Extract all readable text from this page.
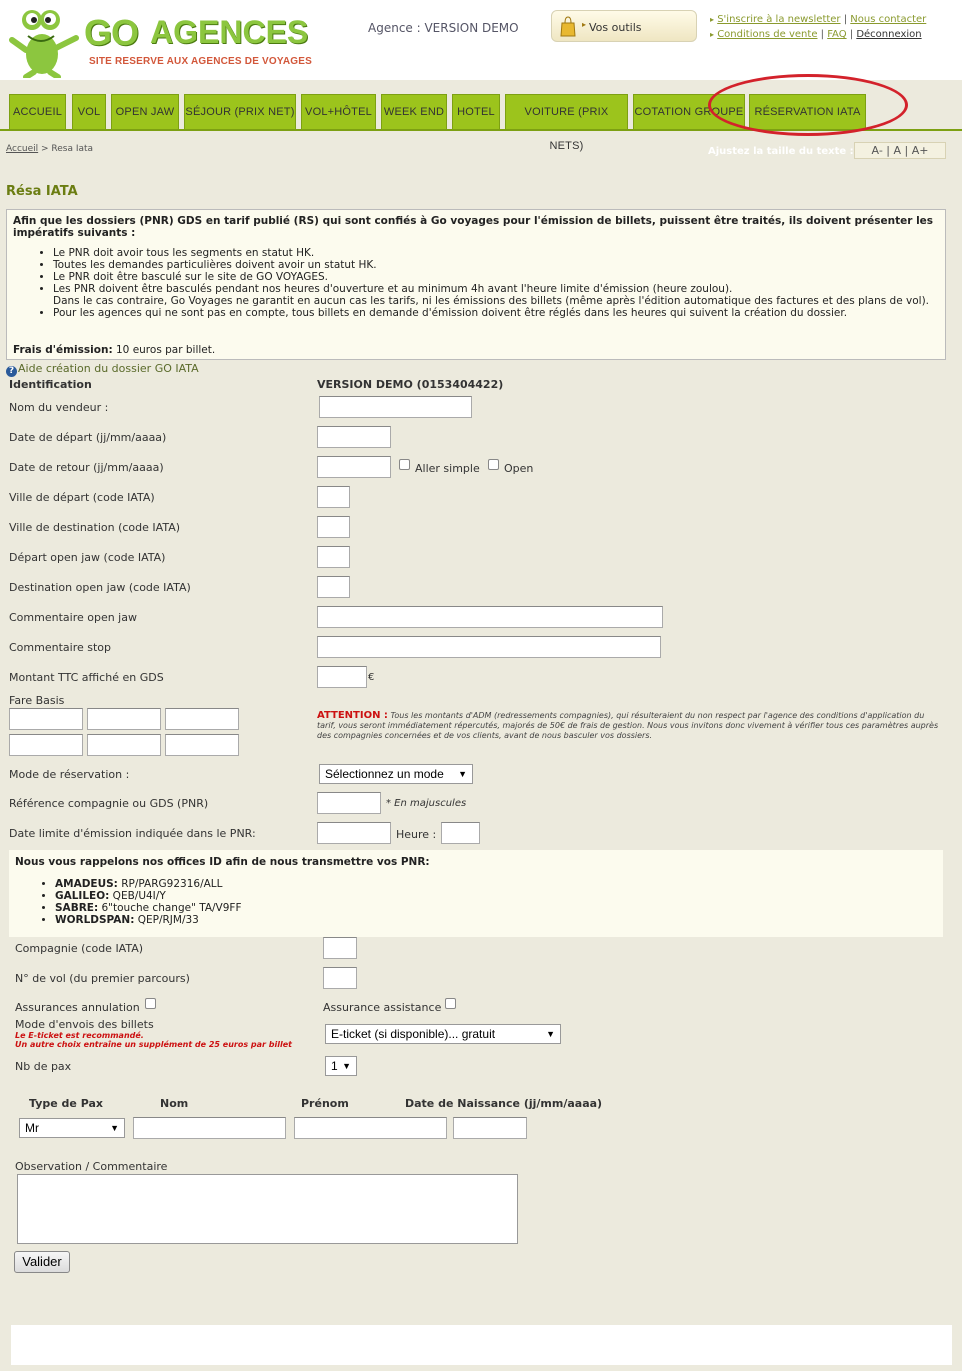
GO AGENCES
SITE RESERVE AUX AGENCES DE VOYAGES
Agence : VERSION DEMO	▸ Vos outils
▸ S'inscrire à la newsletter | Nous contacter
▸ Conditions de vente | FAQ | Déconnexion
ACCUEIL	VOL	OPEN JAW	SÉJOUR (PRIX NET) VOL+HÔTEL	WEEK END	HOTEL	VOITURE (PRIX NETS)
COTATION GROUPE RÉSERVATION IATA
Accueil > Resa Iata	Ajustez la taille du texte :	A- | A | A+
Résa IATA
Afin que les dossiers (PNR) GDS en tarif publié (RS) qui sont confiés à Go voyages pour l'émission de billets, puissent être traités, ils doivent présenter les impératifs suivants :
• Le PNR doit avoir tous les segments en statut HK.
• Toutes les demandes particulières doivent avoir un statut HK.
• Le PNR doit être basculé sur le site de GO VOYAGES.
• Les PNR doivent être basculés pendant nos heures d'ouverture et au minimum 4h avant l'heure limite d'émission (heure zoulou).
Dans le cas contraire, Go Voyages ne garantit en aucun cas les tarifs, ni les émissions des billets (même après l'édition automatique des factures et des plans de vol).
• Pour les agences qui ne sont pas en compte, tous billets en demande d'émission doivent être réglés dans les heures qui suivent la création du dossier.
Frais d'émission: 10 euros par billet.
? Aide création du dossier GO IATA
Identification	VERSION DEMO (0153404422)
Nom du vendeur :
Date de départ (jj/mm/aaaa)
Date de retour (jj/mm/aaaa)	Aller simple Open
Ville de départ (code IATA)
Ville de destination (code IATA)
Départ open jaw (code IATA)
Destination open jaw (code IATA)
Commentaire open jaw
Commentaire stop
Montant TTC affiché en GDS	€
Fare Basis
ATTENTION : Tous les montants d'ADM (redressements compagnies), qui résulteraient du non respect par l'agence des conditions d'application du tarif, vous seront immédiatement répercutés, majorés de 50€ de frais de gestion. Nous vous invitons donc vivement à vérifier tous ces paramètres auprès des compagnies concernées et de vos clients, avant de nous basculer vos dossiers.
Mode de réservation :	Sélectionnez un mode ▼
Référence compagnie ou GDS (PNR)	* En majuscules
Date limite d'émission indiquée dans le PNR:	Heure :
Nous vous rappelons nos offices ID afin de nous transmettre vos PNR:
• AMADEUS: RP/PARG92316/ALL
• GALILEO: QEB/U4I/Y
• SABRE: 6"touche change" TA/V9FF
• WORLDSPAN: QEP/RJM/33
Compagnie (code IATA)
N° de vol (du premier parcours)
Assurances annulation	Assurance assistance
Mode d'envois des billets
Le E-ticket est recommandé.
Un autre choix entraîne un supplément de 25 euros par billet
E-ticket (si disponible)... gratuit	▼
Nb de pax	1 ▼
Type de Pax	Nom	Prénom	Date de Naissance (jj/mm/aaaa)
Mr	▼
Observation / Commentaire
Valider
